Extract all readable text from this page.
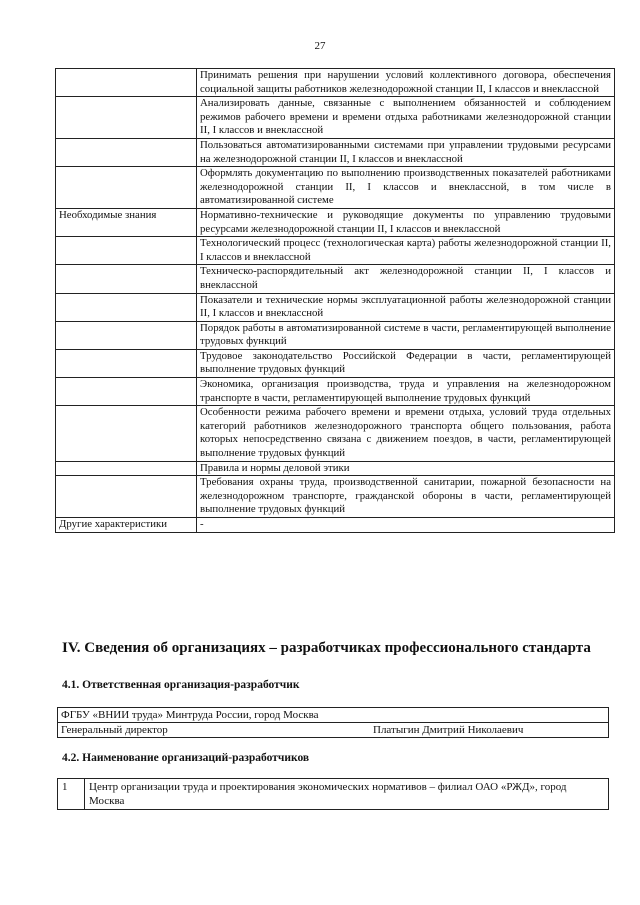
27
	Принимать решения при нарушении условий коллективного договора, обеспечения социальной защиты работников железнодорожной станции II, I классов и внеклассной
	Анализировать данные, связанные с выполнением обязанностей и соблюдением режимов рабочего времени и времени отдыха работниками железнодорожной станции II, I классов и внеклассной
	Пользоваться автоматизированными системами при управлении трудовыми ресурсами на железнодорожной станции II, I классов и внеклассной
	Оформлять документацию по выполнению производственных показателей работниками железнодорожной станции II, I классов и внеклассной, в том числе в автоматизированной системе
Необходимые знания	Нормативно-технические и руководящие документы по управлению трудовыми ресурсами железнодорожной станции II, I классов и внеклассной
	Технологический процесс (технологическая карта) работы железнодорожной станции II, I классов и внеклассной
	Техническо-распорядительный акт железнодорожной станции II, I классов и внеклассной
	Показатели и технические нормы эксплуатационной работы железнодорожной станции II, I классов и внеклассной
	Порядок работы в автоматизированной системе в части, регламентирующей выполнение трудовых функций
	Трудовое законодательство Российской Федерации в части, регламентирующей выполнение трудовых функций
	Экономика, организация производства, труда и управления на железнодорожном транспорте в части, регламентирующей выполнение трудовых функций
	Особенности режима рабочего времени и времени отдыха, условий труда отдельных категорий работников железнодорожного транспорта общего пользования, работа которых непосредственно связана с движением поездов, в части, регламентирующей выполнение трудовых функций
	Правила и нормы деловой этики
	Требования охраны труда, производственной санитарии, пожарной безопасности на железнодорожном транспорте, гражданской обороны в части, регламентирующей выполнение трудовых функций
Другие характеристики	-
IV. Сведения об организациях – разработчиках профессионального стандарта
4.1. Ответственная организация-разработчик
ФГБУ «ВНИИ труда» Минтруда России, город Москва

Генеральный директор	Платыгин Дмитрий Николаевич
4.2. Наименование организаций-разработчиков
1	Центр организации труда и проектирования экономических нормативов – филиал ОАО «РЖД», город Москва
